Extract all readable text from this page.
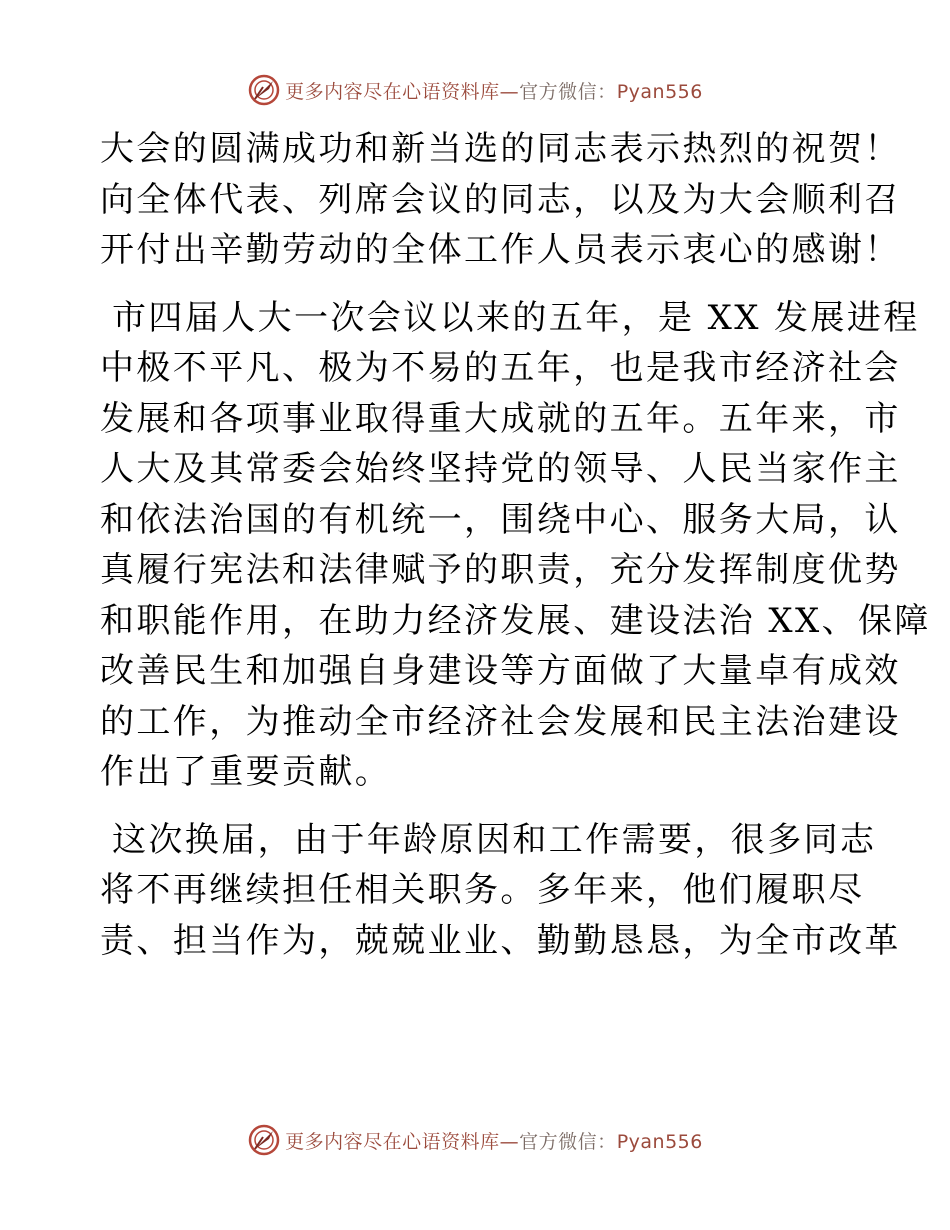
更多内容尽在心语资料库—官方微信：Pyan556

大会的圆满成功和新当选的同志表示热烈的祝贺！
向全体代表、列席会议的同志，以及为大会顺利召
开付出辛勤劳动的全体工作人员表示衷心的感谢！

市四届人大一次会议以来的五年，是 XX 发展进程
中极不平凡、极为不易的五年，也是我市经济社会
发展和各项事业取得重大成就的五年。五年来，市
人大及其常委会始终坚持党的领导、人民当家作主
和依法治国的有机统一，围绕中心、服务大局，认
真履行宪法和法律赋予的职责，充分发挥制度优势
和职能作用，在助力经济发展、建设法治 XX、保障
改善民生和加强自身建设等方面做了大量卓有成效
的工作，为推动全市经济社会发展和民主法治建设
作出了重要贡献。

这次换届，由于年龄原因和工作需要，很多同志
将不再继续担任相关职务。多年来，他们履职尽
责、担当作为，兢兢业业、勤勤恳恳，为全市改革

更多内容尽在心语资料库—官方微信：Pyan556
